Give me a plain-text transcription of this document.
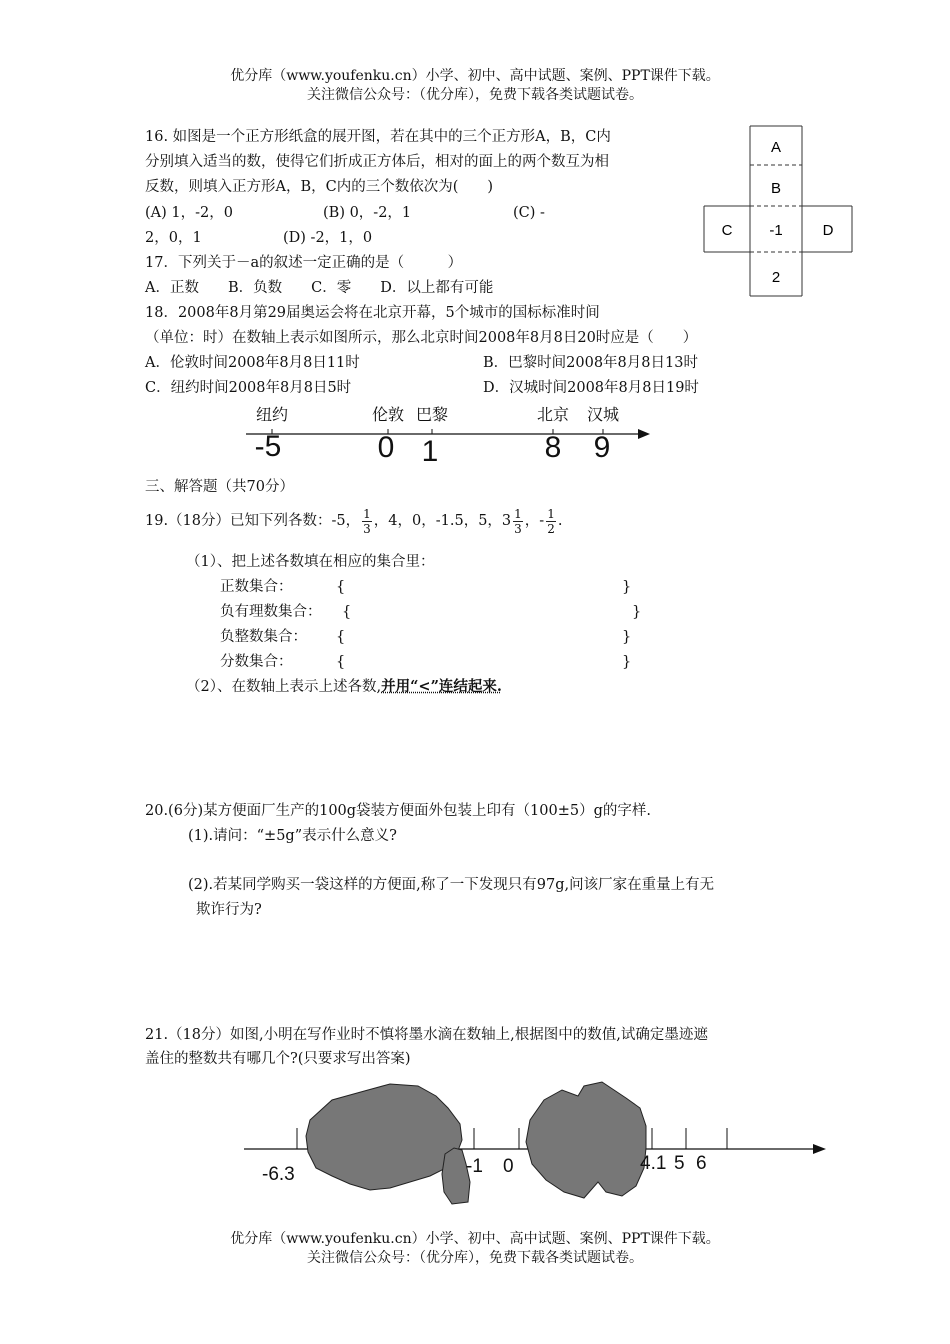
优分库（www.youfenku.cn）小学、初中、高中试题、案例、PPT课件下载。
关注微信公众号：（优分库），免费下载各类试题试卷。
16. 如图是一个正方形纸盒的展开图，若在其中的三个正方形A，B，C内
分别填入适当的数，使得它们折成正方体后，相对的面上的两个数互为相
反数，则填入正方形A，B，C内的三个数依次为(　　)
(A) 1，-2，0	(B) 0，-2，1	(C) -
2，0，1	(D) -2，1，0
A
B
C -1	D
2
17．下列关于－a的叙述一定正确的是（　　　）
A．正数　　B．负数　　C．零　　D．以上都有可能
18．2008年8月第29届奥运会将在北京开幕，5个城市的国标标准时间
（单位：时）在数轴上表示如图所示，那么北京时间2008年8月8日20时应是（　　）
A．伦敦时间2008年8月8日11时	B．巴黎时间2008年8月8日13时
C．纽约时间2008年8月8日5时	D．汉城时间2008年8月8日19时
纽约	伦敦 巴黎	北京 汉城
-5	0 1	8 9
三、解答题（共70分）
19.（18分）已知下列各数：-5， $\frac{1}{3}$ ，4，0，-1.5，5，$3 \frac{1}{3}$ ，- $\frac{1}{2}$ .
（1）、把上述各数填在相应的集合里：
正数集合：	{	}
负有理数集合： {	}
负整数集合： {	}
分数集合：	{	}
（2）、在数轴上表示上述各数,并用“<”连结起来.
20.(6分)某方便面厂生产的100g袋装方便面外包装上印有（100±5）g的字样.
(1).请问：“±5g”表示什么意义?
(2).若某同学购买一袋这样的方便面,称了一下发现只有97g,问该厂家在重量上有无
欺诈行为?
21.（18分）如图,小明在写作业时不慎将墨水滴在数轴上,根据图中的数值,试确定墨迹遮
盖住的整数共有哪几个?(只要求写出答案)
-6.3	-1 0	4.1 5 6
优分库（www.youfenku.cn）小学、初中、高中试题、案例、PPT课件下载。
关注微信公众号：（优分库），免费下载各类试题试卷。
